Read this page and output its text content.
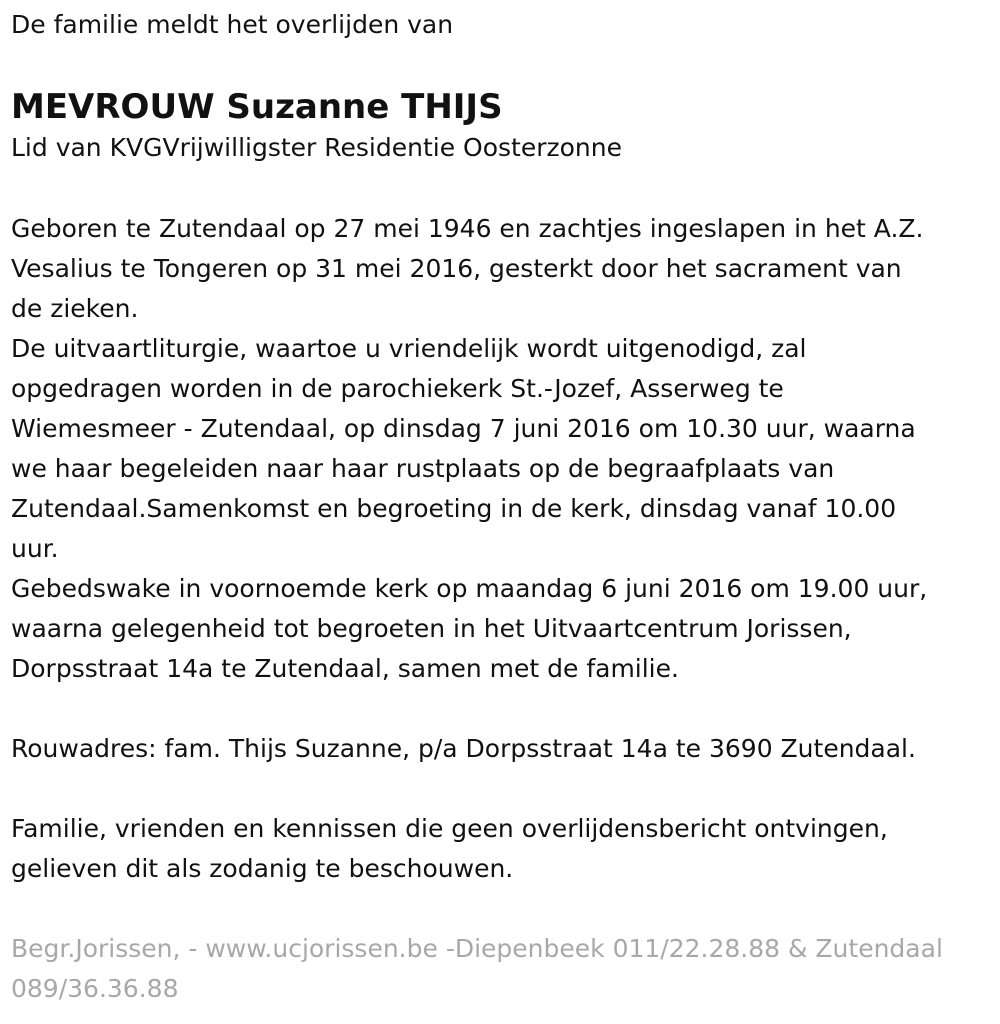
De familie meldt het overlijden van

MEVROUW Suzanne THIJS

Lid van KVGVrijwilligster Residentie Oosterzonne

Geboren te Zutendaal op 27 mei 1946 en zachtjes ingeslapen in het A.Z.

Vesalius te Tongeren op 31 mei 2016, gesterkt door het sacrament van

de zieken.

De uitvaartliturgie, waartoe u vriendelijk wordt uitgenodigd, zal

opgedragen worden in de parochiekerk St.-Jozef, Asserweg te

Wiemesmeer - Zutendaal, op dinsdag 7 juni 2016 om 10.30 uur, waarna

we haar begeleiden naar haar rustplaats op de begraafplaats van

Zutendaal.Samenkomst en begroeting in de kerk, dinsdag vanaf 10.00

uur.

Gebedswake in voornoemde kerk op maandag 6 juni 2016 om 19.00 uur,

waarna gelegenheid tot begroeten in het Uitvaartcentrum Jorissen,

Dorpsstraat 14a te Zutendaal, samen met de familie.

Rouwadres: fam. Thijs Suzanne, p/a Dorpsstraat 14a te 3690 Zutendaal.

Familie, vrienden en kennissen die geen overlijdensbericht ontvingen,

gelieven dit als zodanig te beschouwen.

Begr.Jorissen, - www.ucjorissen.be -Diepenbeek 011/22.28.88 & Zutendaal

089/36.36.88
